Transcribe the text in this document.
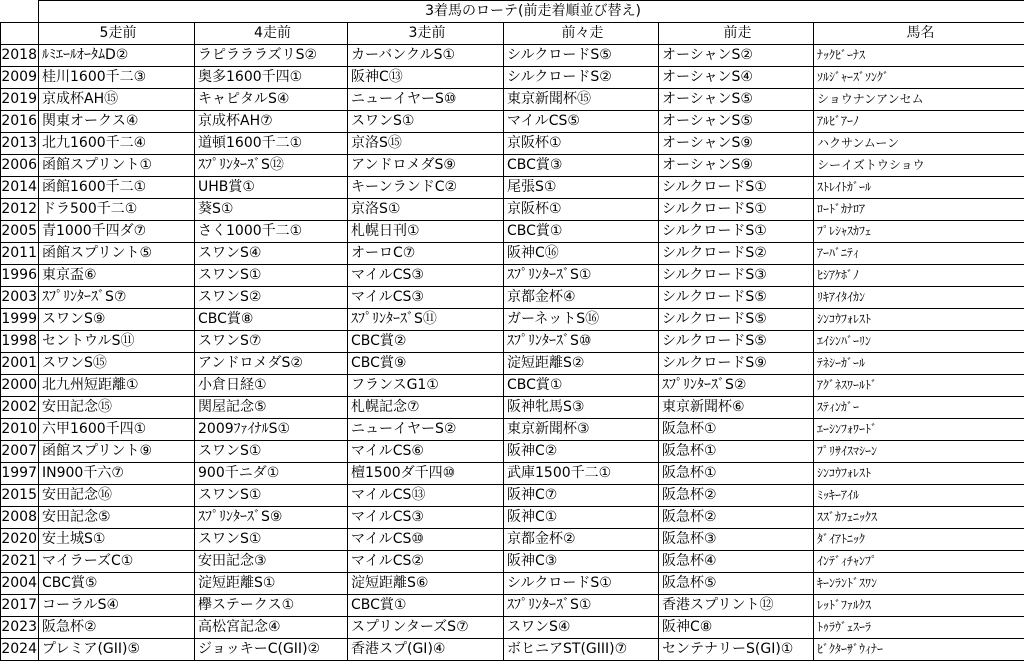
	3着馬のローテ(前走着順並び替え)					
	5走前	4走前	3走前	前々走	前走	馬名
2018	ﾙﾐｴｰﾙｵｰﾀﾑD②	ラピラララズリS②	カーバンクルS①	シルクロードS⑤	オーシャンS②	ﾅｯｸﾋﾞｰﾅｽ
2009	桂川1600千二③	奥多1600千四①	阪神C⑬	シルクロードS②	オーシャンS④	ｿﾙｼﾞｬｰｽﾞｿﾝｸﾞ
2019	京成杯AH⑮	キャピタルS④	ニューイヤーS⑩	東京新聞杯⑮	オーシャンS⑤	ショウナンアンセム
2016	関東オークス④	京成杯AH⑦	スワンS①	マイルCS⑤	オーシャンS⑤	ｱﾙﾋﾞｱｰﾉ
2013	北九1600千二④	道頓1600千二①	京洛S⑮	京阪杯①	オーシャンS⑨	ハクサンムーン
2006	函館スプリント①	ｽﾌﾟﾘﾝﾀｰｽﾞS⑫	アンドロメダS⑨	CBC賞③	オーシャンS⑨	シーイズトウショウ
2014	函館1600千二①	UHB賞①	キーンランドC②	尾張S①	シルクロードS①	ｽﾄﾚｲﾄｶﾞｰﾙ
2012	ドラ500千二①	葵S①	京洛S①	京阪杯①	シルクロードS①	ﾛｰﾄﾞｶﾅﾛｱ
2005	青1000千四ダ⑦	さく1000千二①	札幌日刊①	CBC賞①	シルクロードS①	ﾌﾟﾚｼｬｽｶﾌｪ
2011	函館スプリント⑤	スワンS④	オーロC⑦	阪神C⑯	シルクロードS②	ｱｰﾊﾞﾆﾃｨ
1996	東京盃⑥	スワンS①	マイルCS③	ｽﾌﾟﾘﾝﾀｰｽﾞS①	シルクロードS③	ﾋｼｱｹﾎﾞﾉ
2003	ｽﾌﾟﾘﾝﾀｰｽﾞS⑦	スワンS②	マイルCS③	京都金杯④	シルクロードS⑤	ﾘｷｱｲﾀｲｶﾝ
1999	スワンS⑨	CBC賞⑧	ｽﾌﾟﾘﾝﾀｰｽﾞS⑪	ガーネットS⑯	シルクロードS⑤	ｼﾝｺｳﾌｫﾚｽﾄ
1998	セントウルS⑪	スワンS⑦	CBC賞②	ｽﾌﾟﾘﾝﾀｰｽﾞS⑩	シルクロードS⑤	ｴｲｼﾝﾊﾞｰﾘﾝ
2001	スワンS⑮	アンドロメダS②	CBC賞⑨	淀短距離S②	シルクロードS⑨	ﾃﾈｼｰｶﾞｰﾙ
2000	北九州短距離①	小倉日経①	フランスG1①	CBC賞①	ｽﾌﾟﾘﾝﾀｰｽﾞS②	ｱｸﾞﾈｽﾜｰﾙﾄﾞ
2002	安田記念⑮	関屋記念⑤	札幌記念⑦	阪神牝馬S③	東京新聞杯⑥	ｽﾃｨﾝｶﾞｰ
2010	六甲1600千四①	2009ﾌｧｲﾅﾙS①	ニューイヤーS②	東京新聞杯③	阪急杯①	ｴｰｼﾝﾌｫﾜｰﾄﾞ
2007	函館スプリント⑨	スワンS①	マイルCS⑥	阪神C②	阪急杯①	ﾌﾟﾘｻｲｽﾏｼｰﾝ
1997	IN900千六⑦	900千ニダ①	檀1500ダ千四⑩	武庫1500千二①	阪急杯①	ｼﾝｺｳﾌｫﾚｽﾄ
2015	安田記念⑯	スワンS①	マイルCS⑬	阪神C⑦	阪急杯②	ﾐｯｷｰｱｲﾙ
2008	安田記念⑤	ｽﾌﾟﾘﾝﾀｰｽﾞS⑨	マイルCS③	阪神C①	阪急杯②	ｽｽﾞｶﾌｪﾆｯｸｽ
2020	安土城S①	スワンS①	マイルCS⑩	京都金杯②	阪急杯③	ﾀﾞｲｱﾄﾆｯｸ
2021	マイラーズC①	安田記念③	マイルCS②	阪神C③	阪急杯④	ｲﾝﾃﾞｨﾁｬﾝﾌﾟ
2004	CBC賞⑤	淀短距離S①	淀短距離S⑥	シルクロードS①	阪急杯⑤	ｷｰﾝﾗﾝﾄﾞｽﾜﾝ
2017	コーラルS④	欅ステークス①	CBC賞①	ｽﾌﾟﾘﾝﾀｰｽﾞS①	香港スプリント⑫	ﾚｯﾄﾞﾌｧﾙｸｽ
2023	阪急杯②	高松宮記念④	スプリンターズS⑦	スワンS④	阪神C⑧	ﾄｩﾗｳﾞｪｽｰﾗ
2024	プレミア(GII)⑤	ジョッキーC(GII)②	香港スプ(GI)④	ボヒニアST(GIII)⑦	センテナリーS(GI)①	ﾋﾞｸﾀｰｻﾞｳｨﾅｰ
